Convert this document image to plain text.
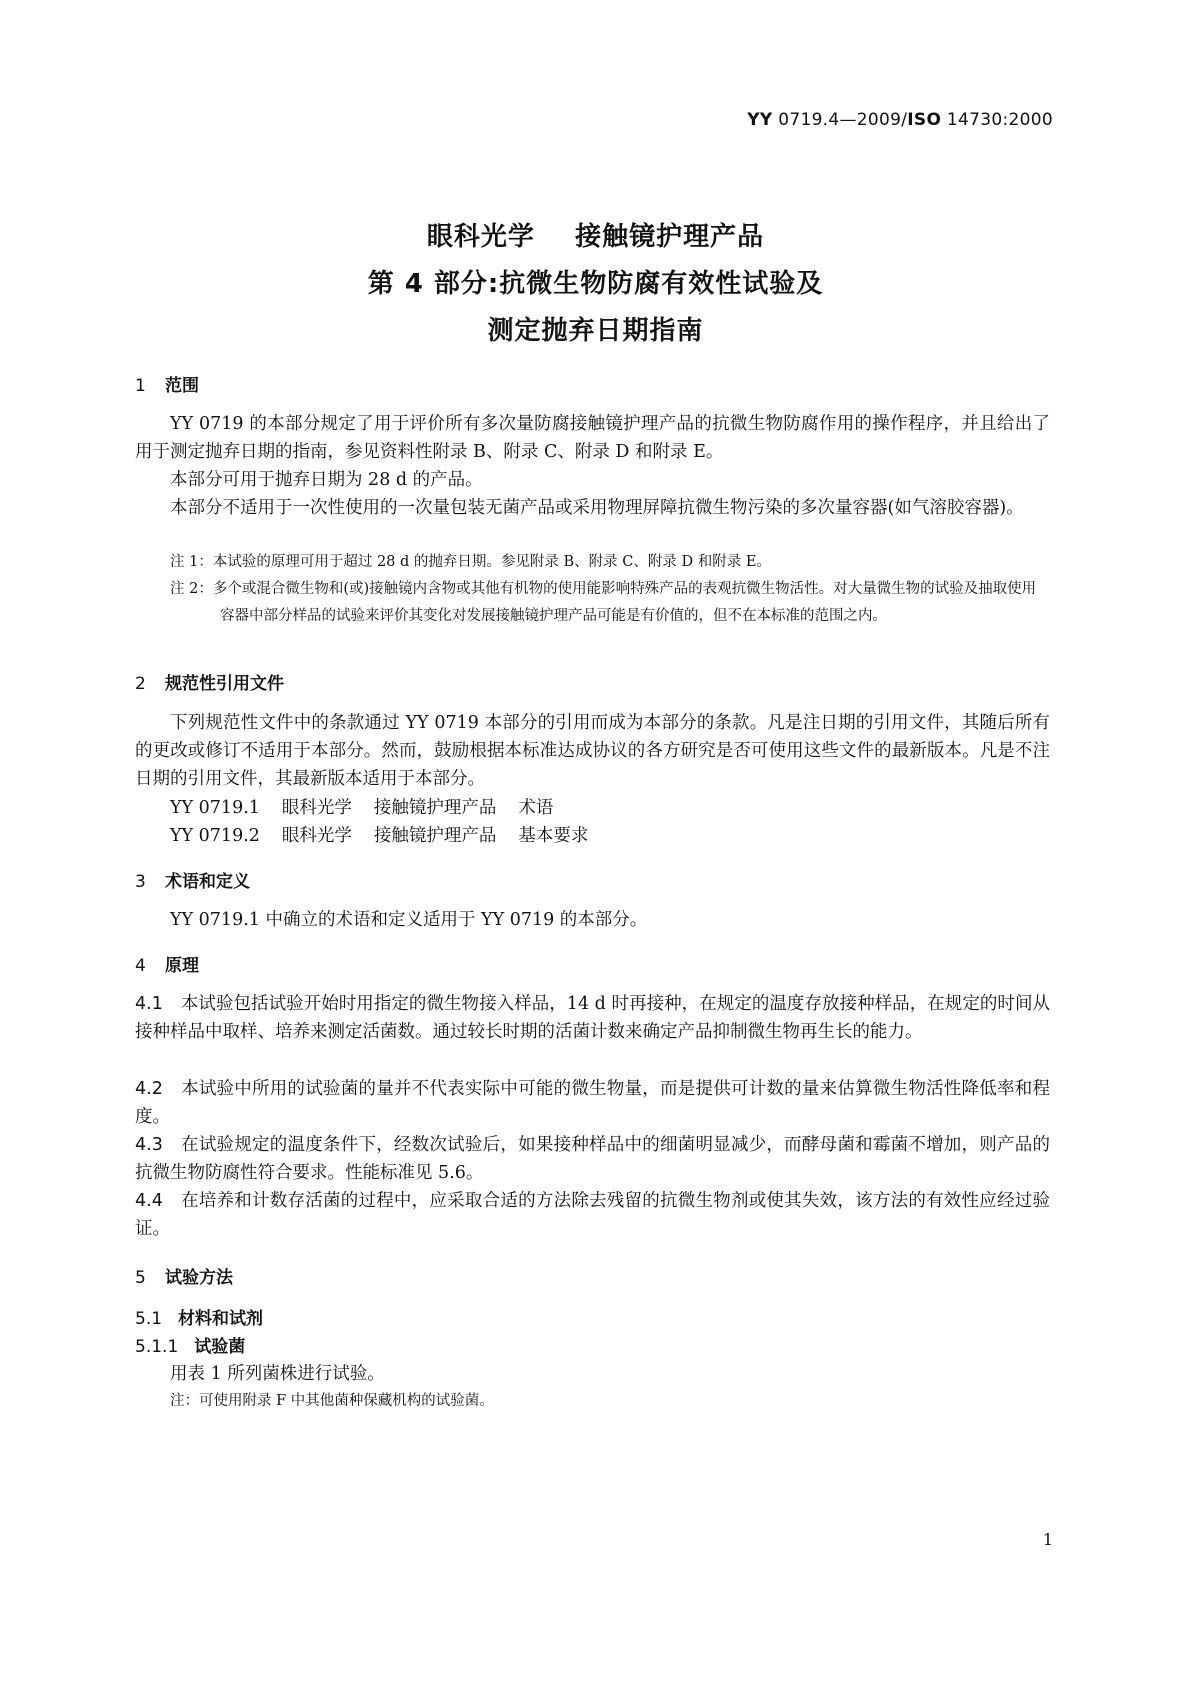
YY 0719.4—2009/ISO 14730:2000
眼科光学    接触镜护理产品
第 4 部分:抗微生物防腐有效性试验及
测定抛弃日期指南
1 范围
YY 0719 的本部分规定了用于评价所有多次量防腐接触镜护理产品的抗微生物防腐作用的操作程序，并且给出了用于测定抛弃日期的指南，参见资料性附录 B、附录 C、附录 D 和附录 E。
本部分可用于抛弃日期为 28 d 的产品。
本部分不适用于一次性使用的一次量包装无菌产品或采用物理屏障抗微生物污染的多次量容器(如气溶胶容器)。
注 1：本试验的原理可用于超过 28 d 的抛弃日期。参见附录 B、附录 C、附录 D 和附录 E。
注 2：多个或混合微生物和(或)接触镜内含物或其他有机物的使用能影响特殊产品的表观抗微生物活性。对大量微生物的试验及抽取使用容器中部分样品的试验来评价其变化对发展接触镜护理产品可能是有价值的，但不在本标准的范围之内。
2 规范性引用文件
下列规范性文件中的条款通过 YY 0719 本部分的引用而成为本部分的条款。凡是注日期的引用文件，其随后所有的更改或修订不适用于本部分。然而，鼓励根据本标准达成协议的各方研究是否可使用这些文件的最新版本。凡是不注日期的引用文件，其最新版本适用于本部分。
YY 0719.1 眼科光学 接触镜护理产品 术语
YY 0719.2 眼科光学 接触镜护理产品 基本要求
3 术语和定义
YY 0719.1 中确立的术语和定义适用于 YY 0719 的本部分。
4 原理
4.1 本试验包括试验开始时用指定的微生物接入样品，14 d 时再接种，在规定的温度存放接种样品，在规定的时间从接种样品中取样、培养来测定活菌数。通过较长时期的活菌计数来确定产品抑制微生物再生长的能力。
4.2 本试验中所用的试验菌的量并不代表实际中可能的微生物量，而是提供可计数的量来估算微生物活性降低率和程度。
4.3 在试验规定的温度条件下，经数次试验后，如果接种样品中的细菌明显减少，而酵母菌和霉菌不增加，则产品的抗微生物防腐性符合要求。性能标准见 5.6。
4.4 在培养和计数存活菌的过程中，应采取合适的方法除去残留的抗微生物剂或使其失效，该方法的有效性应经过验证。
5 试验方法
5.1 材料和试剂
5.1.1 试验菌
用表 1 所列菌株进行试验。
注：可使用附录 F 中其他菌种保藏机构的试验菌。
1
